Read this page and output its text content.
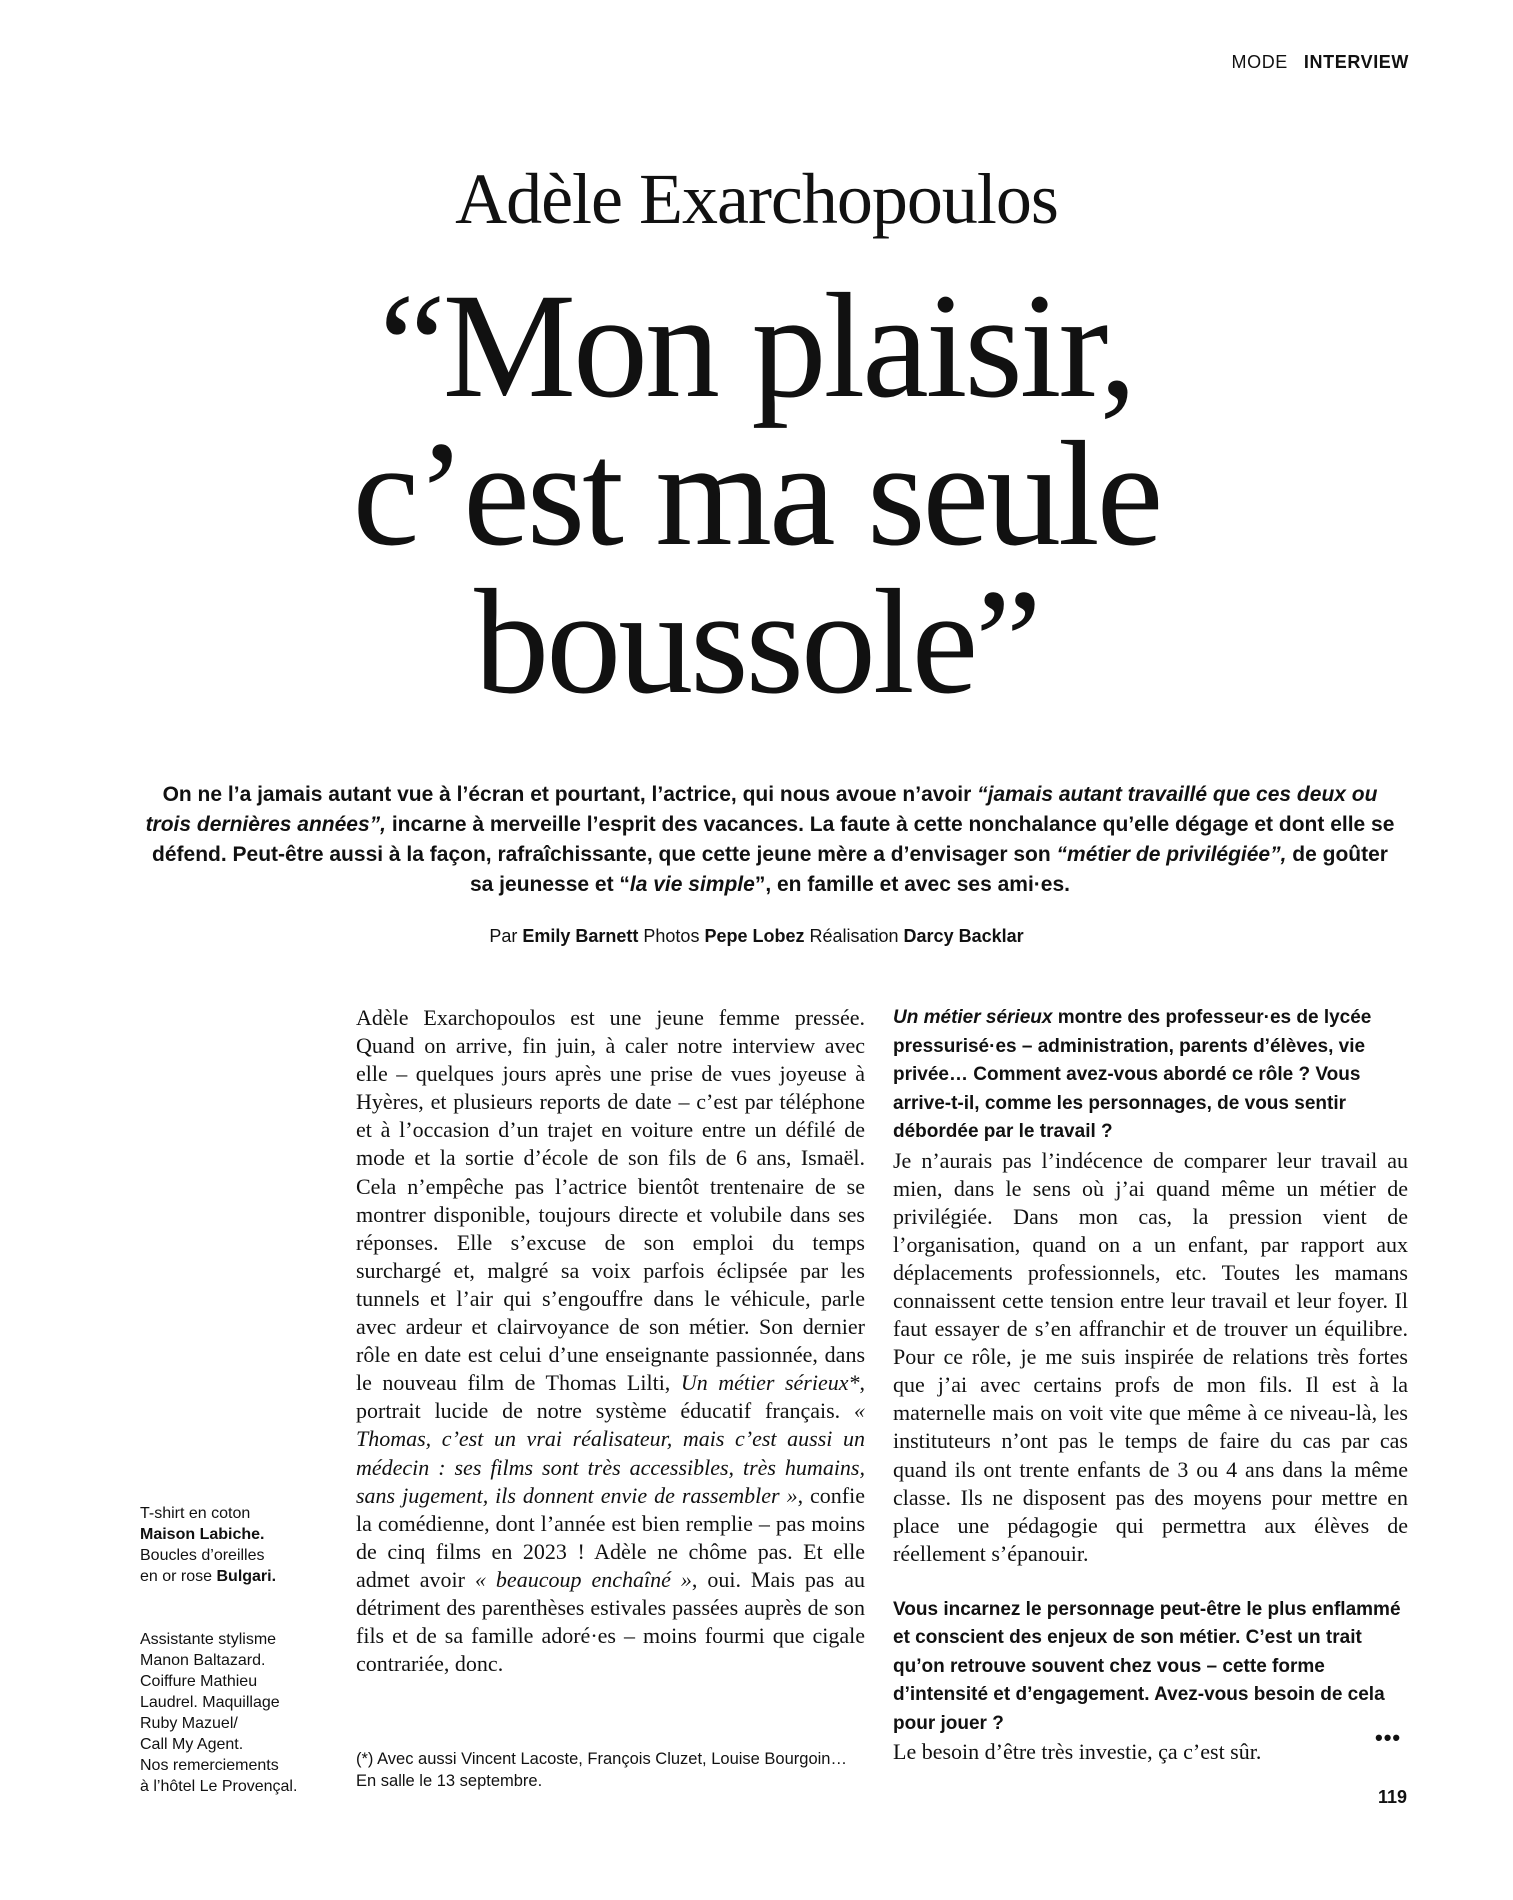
MODE INTERVIEW
Adèle Exarchopoulos
“Mon plaisir,
c’est ma seule
boussole”
On ne l’a jamais autant vue à l’écran et pourtant, l’actrice, qui nous avoue n’avoir “jamais autant travaillé que ces deux ou trois dernières années”, incarne à merveille l’esprit des vacances. La faute à cette nonchalance qu’elle dégage et dont elle se défend. Peut-être aussi à la façon, rafraîchissante, que cette jeune mère a d’envisager son “métier de privilégiée”, de goûter sa jeunesse et “la vie simple”, en famille et avec ses ami·es.
Par Emily Barnett Photos Pepe Lobez Réalisation Darcy Backlar
T-shirt en coton
Maison Labiche.
Boucles d’oreilles
en or rose Bulgari.
Assistante stylisme
Manon Baltazard.
Coiffure Mathieu
Laudrel. Maquillage
Ruby Mazuel/
Call My Agent.
Nos remerciements
à l’hôtel Le Provençal.

Adèle Exarchopoulos est une jeune femme pressée. Quand on arrive, fin juin, à caler notre interview avec elle – quelques jours après une prise de vues joyeuse à Hyères, et plusieurs reports de date – c’est par téléphone et à l’occasion d’un trajet en voiture entre un défilé de mode et la sortie d’école de son fils de 6 ans, Ismaël. Cela n’empêche pas l’actrice bientôt trentenaire de se montrer disponible, toujours directe et volubile dans ses réponses. Elle s’excuse de son emploi du temps surchargé et, malgré sa voix parfois éclipsée par les tunnels et l’air qui s’engouffre dans le véhicule, parle avec ardeur et clairvoyance de son métier. Son dernier rôle en date est celui d’une enseignante passionnée, dans le nouveau film de Thomas Lilti, Un métier sérieux*, portrait lucide de notre système éducatif français. « Thomas, c’est un vrai réalisateur, mais c’est aussi un médecin : ses films sont très accessibles, très humains, sans jugement, ils donnent envie de rassembler », confie la comédienne, dont l’année est bien remplie – pas moins de cinq films en 2023 ! Adèle ne chôme pas. Et elle admet avoir « beaucoup enchaîné », oui. Mais pas au détriment des parenthèses estivales passées auprès de son fils et de sa famille adoré·es – moins fourmi que cigale contrariée, donc.

(*) Avec aussi Vincent Lacoste, François Cluzet, Louise Bourgoin… En salle le 13 septembre.

Un métier sérieux montre des professeur·es de lycée pressurisé·es – administration, parents d’élèves, vie privée… Comment avez-vous abordé ce rôle ? Vous arrive-t-il, comme les personnages, de vous sentir débordée par le travail ?

Je n’aurais pas l’indécence de comparer leur travail au mien, dans le sens où j’ai quand même un métier de privilégiée. Dans mon cas, la pression vient de l’organisation, quand on a un enfant, par rapport aux déplacements professionnels, etc. Toutes les mamans connaissent cette tension entre leur travail et leur foyer. Il faut essayer de s’en affranchir et de trouver un équilibre. Pour ce rôle, je me suis inspirée de relations très fortes que j’ai avec certains profs de mon fils. Il est à la maternelle mais on voit vite que même à ce niveau-là, les instituteurs n’ont pas le temps de faire du cas par cas quand ils ont trente enfants de 3 ou 4 ans dans la même classe. Ils ne disposent pas des moyens pour mettre en place une pédagogie qui permettra aux élèves de réellement s’épanouir.

Vous incarnez le personnage peut-être le plus enflammé et conscient des enjeux de son métier. C’est un trait qu’on retrouve souvent chez vous – cette forme d’intensité et d’engagement. Avez-vous besoin de cela pour jouer ?

Le besoin d’être très investie, ça c’est sûr.

•••
119
